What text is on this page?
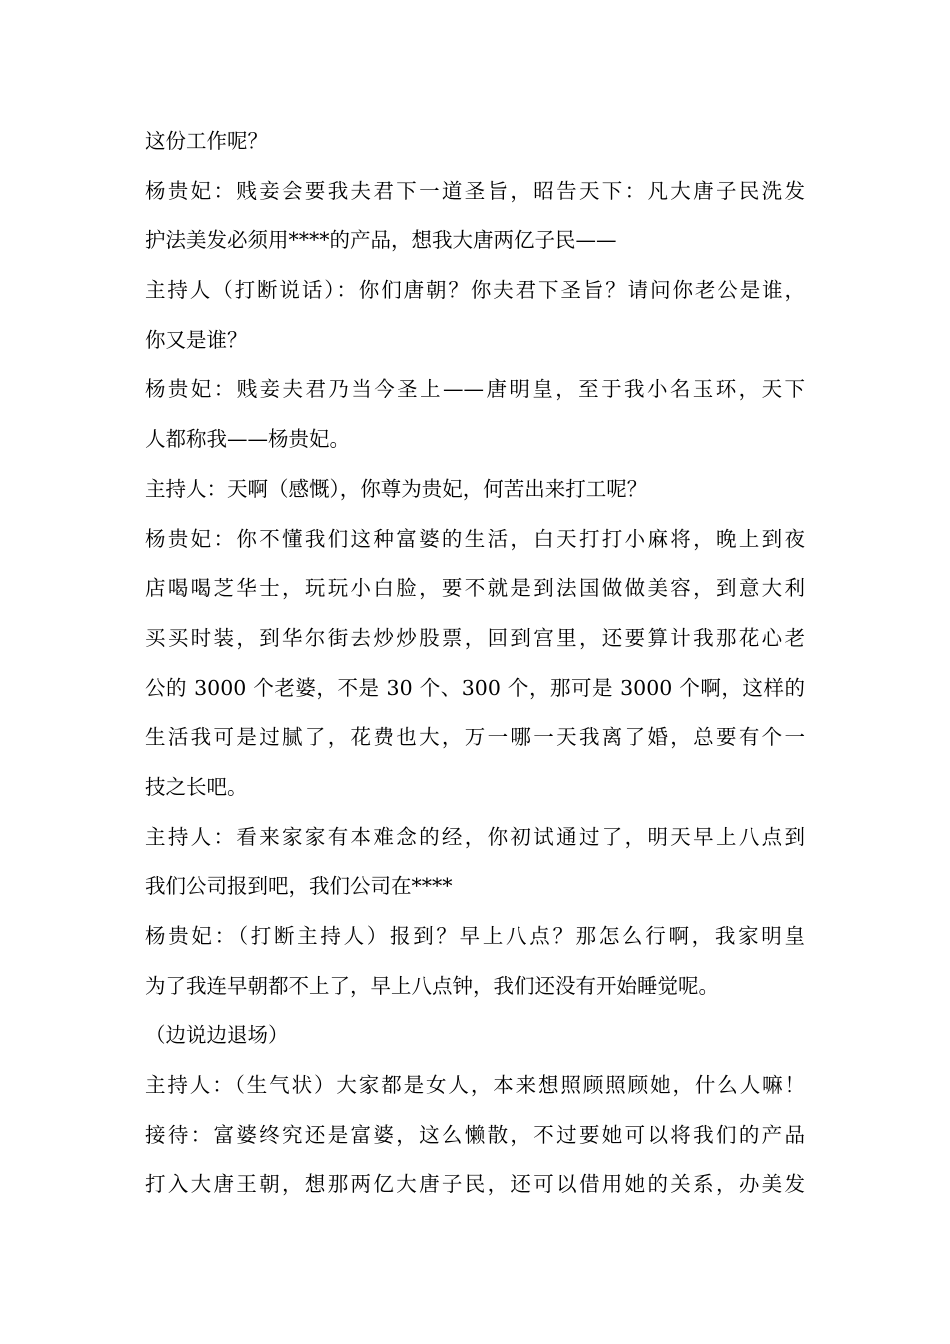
这份工作呢？
杨贵妃：贱妾会要我夫君下一道圣旨，昭告天下：凡大唐子民洗发
护法美发必须用****的产品，想我大唐两亿子民——
主持人（打断说话）：你们唐朝？你夫君下圣旨？请问你老公是谁，
你又是谁？
杨贵妃：贱妾夫君乃当今圣上——唐明皇，至于我小名玉环，天下
人都称我——杨贵妃。
主持人：天啊（感慨），你尊为贵妃，何苦出来打工呢？
杨贵妃：你不懂我们这种富婆的生活，白天打打小麻将，晚上到夜
店喝喝芝华士，玩玩小白脸，要不就是到法国做做美容，到意大利
买买时装，到华尔街去炒炒股票，回到宫里，还要算计我那花心老
公的 3000 个老婆，不是 30 个、300 个，那可是 3000 个啊，这样的
生活我可是过腻了，花费也大，万一哪一天我离了婚，总要有个一
技之长吧。
主持人：看来家家有本难念的经，你初试通过了，明天早上八点到
我们公司报到吧，我们公司在****
杨贵妃：（打断主持人）报到？早上八点？那怎么行啊，我家明皇
为了我连早朝都不上了，早上八点钟，我们还没有开始睡觉呢。
（边说边退场）
主持人：（生气状）大家都是女人，本来想照顾照顾她，什么人嘛！
接待：富婆终究还是富婆，这么懒散，不过要她可以将我们的产品
打入大唐王朝，想那两亿大唐子民，还可以借用她的关系，办美发
